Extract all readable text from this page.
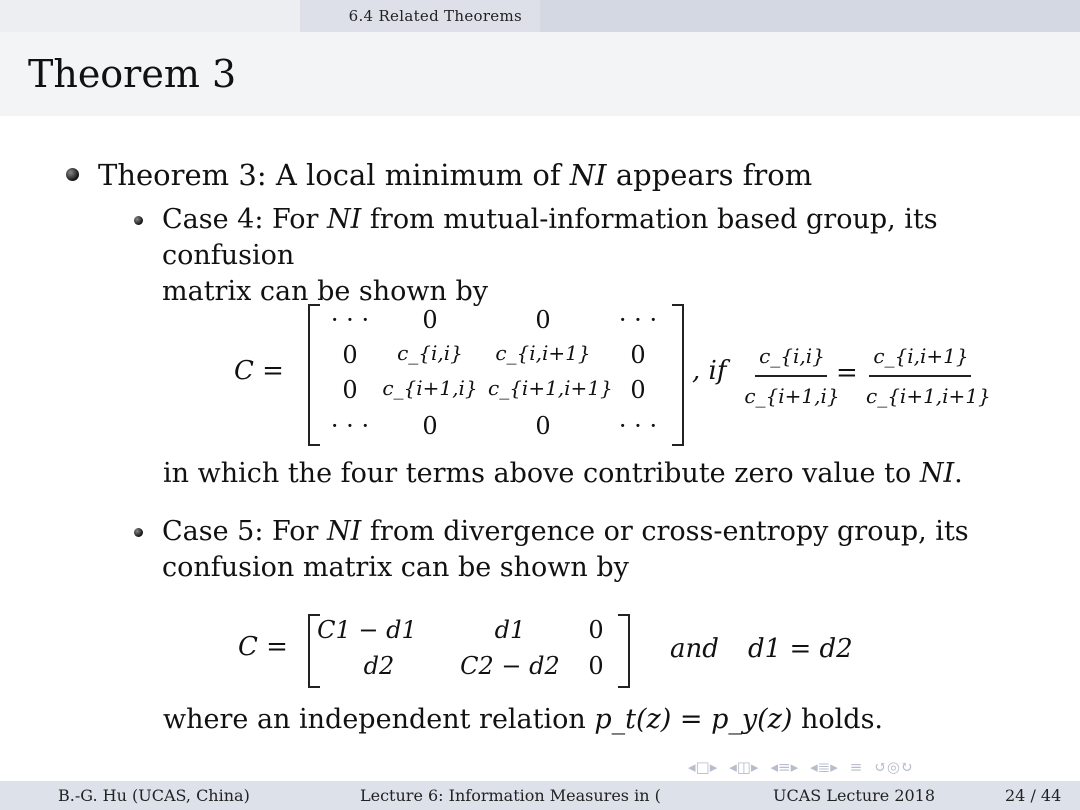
6.4 Related Theorems
Theorem 3
Theorem 3: A local minimum of NI appears from
Case 4: For NI from mutual-information based group, its confusion
matrix can be shown by
C =
· · ·	0	0	· · ·
0	c_{i,i}	c_{i,i+1}	0
0	c_{i+1,i} c_{i+1,i+1} 0
· · ·	0	0	· · ·
, if	c_{i,i}
c_{i+1,i}
=
c_{i,i+1}
c_{i+1,i+1}
in which the four terms above contribute zero value to NI.
Case 5: For NI from divergence or cross-entropy group, its
confusion matrix can be shown by
C =
C1 − d1	d1	0
d2	C2 − d2	0
and d1 = d2
where an independent relation p_t(z) = p_y(z) holds.
◂□▸ ◂◫▸ ◂≡▸ ◂≣▸ ≡ ↺◎↻
B.-G. Hu (UCAS, China)	Lecture 6: Information Measures in (	UCAS Lecture 2018	24 / 44
